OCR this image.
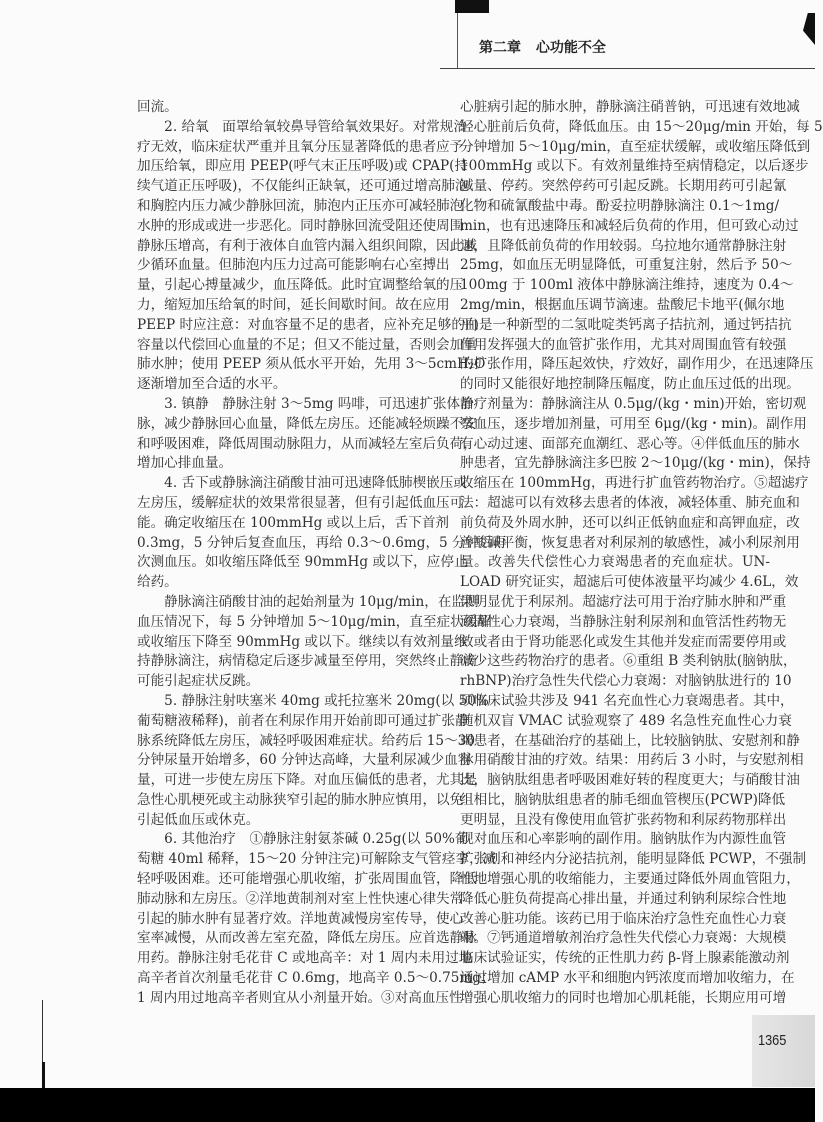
第二章 心功能不全
回流。
　　2. 给氧　面罩给氧较鼻导管给氧效果好。对常规治
疗无效，临床症状严重并且氧分压显著降低的患者应予
加压给氧，即应用 PEEP(呼气末正压呼吸)或 CPAP(持
续气道正压呼吸)，不仅能纠正缺氧，还可通过增高肺泡
和胸腔内压力减少静脉回流，肺泡内正压亦可减轻肺泡
水肿的形成或进一步恶化。同时静脉回流受阻还使周围
静脉压增高，有利于液体自血管内漏入组织间隙，因此减
少循环血量。但肺泡内压力过高可能影响右心室搏出
量，引起心搏量减少，血压降低。此时宜调整给氧的压
力，缩短加压给氧的时间，延长间歇时间。故在应用
PEEP 时应注意：对血容量不足的患者，应补充足够的血
容量以代偿回心血量的不足；但又不能过量，否则会加重
肺水肿；使用 PEEP 须从低水平开始，先用 3～5cmH₂O
逐渐增加至合适的水平。
　　3. 镇静　静脉注射 3～5mg 吗啡，可迅速扩张体静
脉，减少静脉回心血量，降低左房压。还能减轻烦躁不安
和呼吸困难，降低周围动脉阻力，从而减轻左室后负荷，
增加心排血量。
　　4. 舌下或静脉滴注硝酸甘油可迅速降低肺楔嵌压或
左房压，缓解症状的效果常很显著，但有引起低血压可
能。确定收缩压在 100mmHg 或以上后，舌下首剂
0.3mg，5 分钟后复查血压，再给 0.3～0.6mg，5 分钟后再
次测血压。如收缩压降低至 90mmHg 或以下，应停止
给药。
　　静脉滴注硝酸甘油的起始剂量为 10μg/min，在监测
血压情况下，每 5 分钟增加 5～10μg/min，直至症状缓解
或收缩压下降至 90mmHg 或以下。继续以有效剂量维
持静脉滴注，病情稳定后逐步减量至停用，突然终止静滴
可能引起症状反跳。
　　5. 静脉注射呋塞米 40mg 或托拉塞米 20mg(以 50%
葡萄糖液稀释)，前者在利尿作用开始前即可通过扩张静
脉系统降低左房压，减轻呼吸困难症状。给药后 15～30
分钟尿量开始增多，60 分钟达高峰，大量利尿减少血容
量，可进一步使左房压下降。对血压偏低的患者，尤其是
急性心肌梗死或主动脉狭窄引起的肺水肿应慎用，以免
引起低血压或休克。
　　6. 其他治疗　①静脉注射氨茶碱 0.25g(以 50%葡
萄糖 40ml 稀释，15～20 分钟注完)可解除支气管痉挛，减
轻呼吸困难。还可能增强心肌收缩，扩张周围血管，降低
肺动脉和左房压。②洋地黄制剂对室上性快速心律失常
引起的肺水肿有显著疗效。洋地黄减慢房室传导，使心
室率减慢，从而改善左室充盈，降低左房压。应首选静脉
用药。静脉注射毛花苷 C 或地高辛：对 1 周内未用过地
高辛者首次剂量毛花苷 C 0.6mg，地高辛 0.5～0.75mg；
1 周内用过地高辛者则宜从小剂量开始。③对高血压性
心脏病引起的肺水肿，静脉滴注硝普钠，可迅速有效地减
轻心脏前后负荷，降低血压。由 15～20μg/min 开始，每 5
分钟增加 5～10μg/min，直至症状缓解，或收缩压降低到
100mmHg 或以下。有效剂量维持至病情稳定，以后逐步
减量、停药。突然停药可引起反跳。长期用药可引起氰
化物和硫氰酸盐中毒。酚妥拉明静脉滴注 0.1～1mg/
min，也有迅速降压和减轻后负荷的作用，但可致心动过
速，且降低前负荷的作用较弱。乌拉地尔通常静脉注射
25mg，如血压无明显降低，可重复注射，然后予 50～
100mg 于 100ml 液体中静脉滴注维持，速度为 0.4～
2mg/min，根据血压调节滴速。盐酸尼卡地平(佩尔地
平)是一种新型的二氢吡啶类钙离子拮抗剂，通过钙拮抗
作用发挥强大的血管扩张作用，尤其对周围血管有较强
的扩张作用，降压起效快，疗效好，副作用少，在迅速降压
的同时又能很好地控制降压幅度，防止血压过低的出现。
治疗剂量为：静脉滴注从 0.5μg/(kg・min)开始，密切观
察血压，逐步增加剂量，可用至 6μg/(kg・min)。副作用
有心动过速、面部充血潮红、恶心等。④伴低血压的肺水
肿患者，宜先静脉滴注多巴胺 2～10μg/(kg・min)，保持
收缩压在 100mmHg，再进行扩血管药物治疗。⑤超滤疗
法：超滤可以有效移去患者的体液，减轻体重、肺充血和
前负荷及外周水肿，还可以纠正低钠血症和高钾血症，改
善酸碱平衡，恢复患者对利尿剂的敏感性，减小利尿剂用
量。改善失代偿性心力衰竭患者的充血症状。UN-
LOAD 研究证实，超滤后可使体液量平均减少 4.6L，效
果明显优于利尿剂。超滤疗法可用于治疗肺水肿和严重
顽固性心力衰竭，当静脉注射利尿剂和血管活性药物无
效或者由于肾功能恶化或发生其他并发症而需要停用或
减少这些药物治疗的患者。⑥重组 B 类利钠肽(脑钠肽，
rhBNP)治疗急性失代偿心力衰竭：对脑钠肽进行的 10
项临床试验共涉及 941 名充血性心力衰竭患者。其中，
随机双盲 VMAC 试验观察了 489 名急性充血性心力衰
竭患者，在基础治疗的基础上，比较脑钠肽、安慰剂和静
脉用硝酸甘油的疗效。结果：用药后 3 小时，与安慰剂相
比，脑钠肽组患者呼吸困难好转的程度更大；与硝酸甘油
组相比，脑钠肽组患者的肺毛细血管楔压(PCWP)降低
更明显，且没有像使用血管扩张药物和利尿药物那样出
现对血压和心率影响的副作用。脑钠肽作为内源性血管
扩张剂和神经内分泌拮抗剂，能明显降低 PCWP，不强制
性地增强心肌的收缩能力，主要通过降低外周血管阻力，
降低心脏负荷提高心排出量，并通过利钠利尿综合性地
改善心脏功能。该药已用于临床治疗急性充血性心力衰
竭。⑦钙通道增敏剂治疗急性失代偿心力衰竭：大规模
临床试验证实，传统的正性肌力药 β-肾上腺素能激动剂
通过增加 cAMP 水平和细胞内钙浓度而增加收缩力，在
增强心肌收缩力的同时也增加心肌耗能，长期应用可增
1365
